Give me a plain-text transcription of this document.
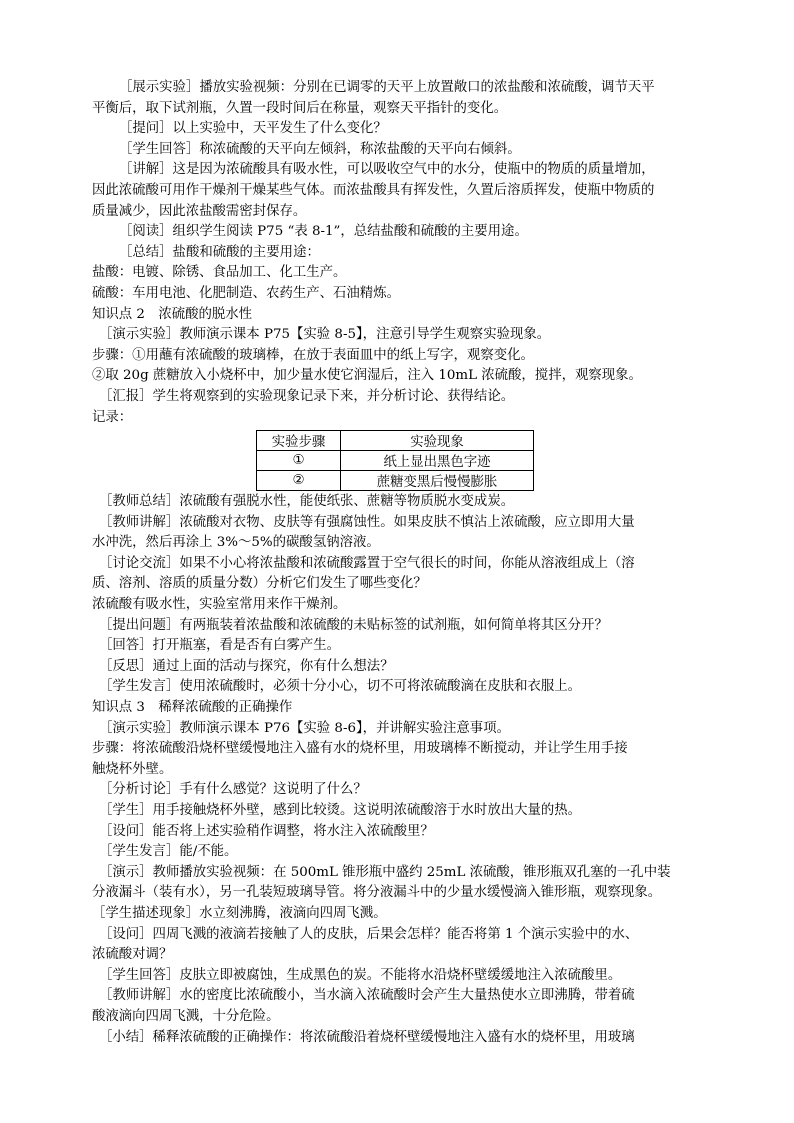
［展示实验］播放实验视频：分别在已调零的天平上放置敞口的浓盐酸和浓硫酸，调节天平
平衡后，取下试剂瓶，久置一段时间后在称量，观察天平指针的变化。
［提问］以上实验中，天平发生了什么变化？
［学生回答］称浓硫酸的天平向左倾斜，称浓盐酸的天平向右倾斜。
［讲解］这是因为浓硫酸具有吸水性，可以吸收空气中的水分，使瓶中的物质的质量增加，
因此浓硫酸可用作干燥剂干燥某些气体。而浓盐酸具有挥发性，久置后溶质挥发，使瓶中物质的
质量减少，因此浓盐酸需密封保存。
［阅读］组织学生阅读 P75 “表 8-1”，总结盐酸和硫酸的主要用途。
［总结］盐酸和硫酸的主要用途：
盐酸：电镀、除锈、食品加工、化工生产。
硫酸：车用电池、化肥制造、农药生产、石油精炼。
知识点 2　浓硫酸的脱水性
［演示实验］教师演示课本 P75【实验 8-5】，注意引导学生观察实验现象。
步骤：①用蘸有浓硫酸的玻璃棒，在放于表面皿中的纸上写字，观察变化。
②取 20g 蔗糖放入小烧杯中，加少量水使它润湿后，注入 10mL 浓硫酸，搅拌，观察现象。
［汇报］学生将观察到的实验现象记录下来，并分析讨论、获得结论。
记录：
实验步骤	实验现象
①	纸上显出黑色字迹
②	蔗糖变黑后慢慢膨胀
［教师总结］浓硫酸有强脱水性，能使纸张、蔗糖等物质脱水变成炭。
［教师讲解］浓硫酸对衣物、皮肤等有强腐蚀性。如果皮肤不慎沾上浓硫酸，应立即用大量
水冲洗，然后再涂上 3%～5%的碳酸氢钠溶液。
［讨论交流］如果不小心将浓盐酸和浓硫酸露置于空气很长的时间，你能从溶液组成上（溶
质、溶剂、溶质的质量分数）分析它们发生了哪些变化？
浓硫酸有吸水性，实验室常用来作干燥剂。
［提出问题］有两瓶装着浓盐酸和浓硫酸的未贴标签的试剂瓶，如何简单将其区分开？
［回答］打开瓶塞，看是否有白雾产生。
［反思］通过上面的活动与探究，你有什么想法？
［学生发言］使用浓硫酸时，必须十分小心，切不可将浓硫酸滴在皮肤和衣服上。
知识点 3　稀释浓硫酸的正确操作
［演示实验］教师演示课本 P76【实验 8-6】，并讲解实验注意事项。
步骤：将浓硫酸沿烧杯壁缓慢地注入盛有水的烧杯里，用玻璃棒不断搅动，并让学生用手接
触烧杯外壁。
［分析讨论］手有什么感觉？这说明了什么？
［学生］用手接触烧杯外壁，感到比较烫。这说明浓硫酸溶于水时放出大量的热。
［设问］能否将上述实验稍作调整，将水注入浓硫酸里？
［学生发言］能/不能。
［演示］教师播放实验视频：在 500mL 锥形瓶中盛约 25mL 浓硫酸，锥形瓶双孔塞的一孔中装
分液漏斗（装有水），另一孔装短玻璃导管。将分液漏斗中的少量水缓慢滴入锥形瓶，观察现象。
［学生描述现象］水立刻沸腾，液滴向四周飞溅。
［设问］四周飞溅的液滴若接触了人的皮肤，后果会怎样？能否将第 1 个演示实验中的水、
浓硫酸对调？
［学生回答］皮肤立即被腐蚀，生成黑色的炭。不能将水沿烧杯壁缓缓地注入浓硫酸里。
［教师讲解］水的密度比浓硫酸小，当水滴入浓硫酸时会产生大量热使水立即沸腾，带着硫
酸液滴向四周飞溅，十分危险。
［小结］稀释浓硫酸的正确操作：将浓硫酸沿着烧杯壁缓慢地注入盛有水的烧杯里，用玻璃
